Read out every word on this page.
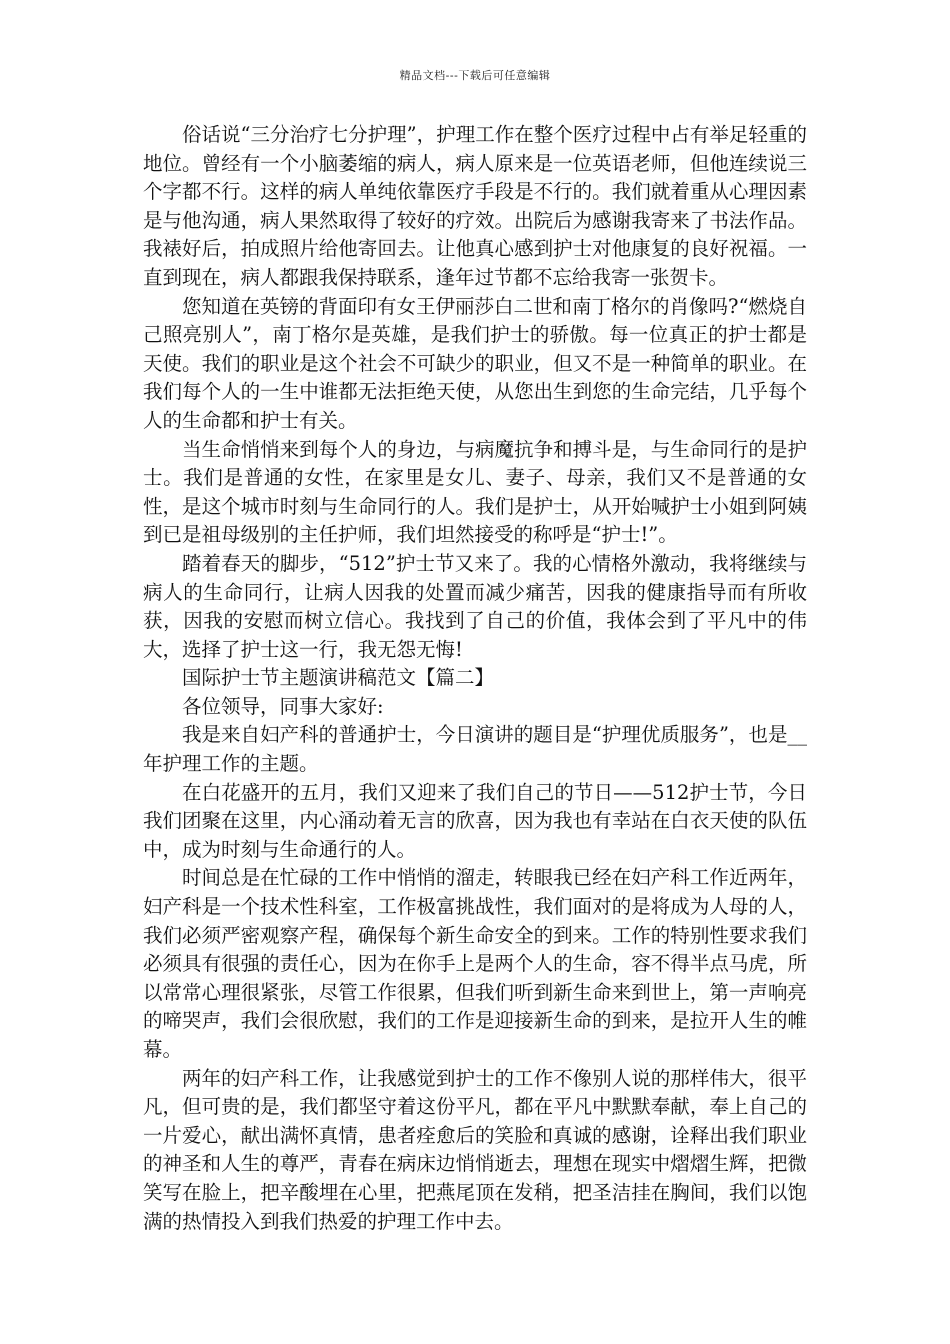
精品文档---下载后可任意编辑

俗话说“三分治疗七分护理”，护理工作在整个医疗过程中占有举足轻重的地位。曾经有一个小脑萎缩的病人，病人原来是一位英语老师，但他连续说三个字都不行。这样的病人单纯依靠医疗手段是不行的。我们就着重从心理因素是与他沟通，病人果然取得了较好的疗效。出院后为感谢我寄来了书法作品。我裱好后，拍成照片给他寄回去。让他真心感到护士对他康复的良好祝福。一直到现在，病人都跟我保持联系，逢年过节都不忘给我寄一张贺卡。

您知道在英镑的背面印有女王伊丽莎白二世和南丁格尔的肖像吗?“燃烧自己照亮别人”，南丁格尔是英雄，是我们护士的骄傲。每一位真正的护士都是天使。我们的职业是这个社会不可缺少的职业，但又不是一种简单的职业。在我们每个人的一生中谁都无法拒绝天使，从您出生到您的生命完结，几乎每个人的生命都和护士有关。

当生命悄悄来到每个人的身边，与病魔抗争和搏斗是，与生命同行的是护士。我们是普通的女性，在家里是女儿、妻子、母亲，我们又不是普通的女性，是这个城市时刻与生命同行的人。我们是护士，从开始喊护士小姐到阿姨到已是祖母级别的主任护师，我们坦然接受的称呼是“护士!”。

踏着春天的脚步，“512”护士节又来了。我的心情格外激动，我将继续与病人的生命同行，让病人因我的处置而减少痛苦，因我的健康指导而有所收获，因我的安慰而树立信心。我找到了自己的价值，我体会到了平凡中的伟大，选择了护士这一行，我无怨无悔!

国际护士节主题演讲稿范文【篇二】

各位领导，同事大家好:

我是来自妇产科的普通护士，今日演讲的题目是“护理优质服务”，也是__年护理工作的主题。

在白花盛开的五月，我们又迎来了我们自己的节日——512护士节，今日我们团聚在这里，内心涌动着无言的欣喜，因为我也有幸站在白衣天使的队伍中，成为时刻与生命通行的人。

时间总是在忙碌的工作中悄悄的溜走，转眼我已经在妇产科工作近两年，妇产科是一个技术性科室，工作极富挑战性，我们面对的是将成为人母的人，我们必须严密观察产程，确保每个新生命安全的到来。工作的特别性要求我们必须具有很强的责任心，因为在你手上是两个人的生命，容不得半点马虎，所以常常心理很紧张，尽管工作很累，但我们听到新生命来到世上，第一声响亮的啼哭声，我们会很欣慰，我们的工作是迎接新生命的到来，是拉开人生的帷幕。

两年的妇产科工作，让我感觉到护士的工作不像别人说的那样伟大，很平凡，但可贵的是，我们都坚守着这份平凡，都在平凡中默默奉献，奉上自己的一片爱心，献出满怀真情，患者痊愈后的笑脸和真诚的感谢，诠释出我们职业的神圣和人生的尊严，青春在病床边悄悄逝去，理想在现实中熠熠生辉，把微笑写在脸上，把辛酸埋在心里，把燕尾顶在发稍，把圣洁挂在胸间，我们以饱满的热情投入到我们热爱的护理工作中去。
